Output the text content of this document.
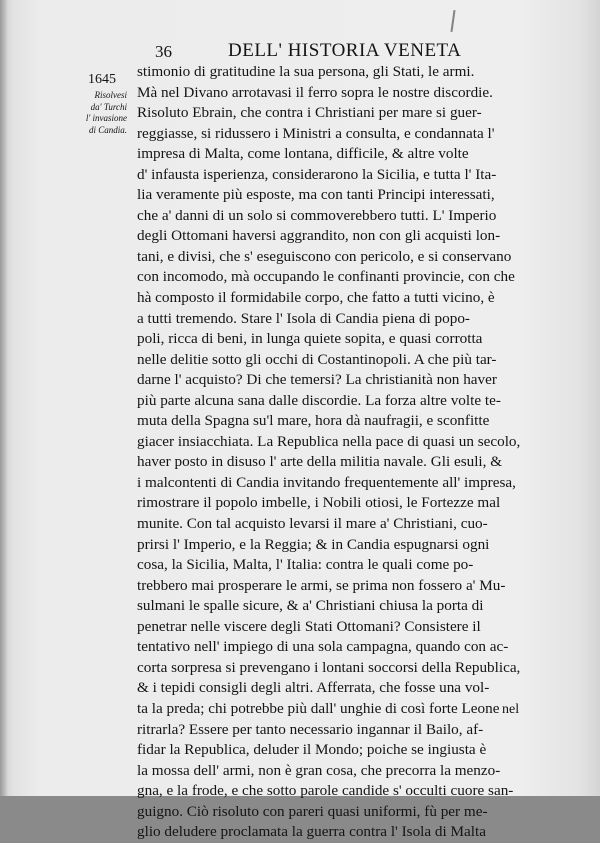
36	DELL' HISTORIA VENETA
1645
Risolvesi
da' Turchi
l' invasione
di Candia.
stimonio di gratitudine la sua persona, gli Stati, le armi.
Mà nel Divano arrotavasi il ferro sopra le nostre discordie.
Risoluto Ebrain, che contra i Christiani per mare si guer-
reggiasse, si ridussero i Ministri a consulta, e condannata l'
impresa di Malta, come lontana, difficile, & altre volte
d' infausta isperienza, considerarono la Sicilia, e tutta l' Ita-
lia veramente più esposte, ma con tanti Principi interessati,
che a' danni di un solo si commoverebbero tutti. L' Imperio
degli Ottomani haversi aggrandito, non con gli acquisti lon-
tani, e divisi, che s' eseguiscono con pericolo, e si conservano
con incomodo, mà occupando le confinanti provincie, con che
hà composto il formidabile corpo, che fatto a tutti vicino, è
a tutti tremendo. Stare l' Isola di Candia piena di popo-
poli, ricca di beni, in lunga quiete sopita, e quasi corrotta
nelle delitie sotto gli occhi di Costantinopoli. A che più tar-
darne l' acquisto? Di che temersi? La christianità non haver
più parte alcuna sana dalle discordie. La forza altre volte te-
muta della Spagna su'l mare, hora dà naufragii, e sconfitte
giacer insiacchiata. La Republica nella pace di quasi un secolo,
haver posto in disuso l' arte della militia navale. Gli esuli, &
i malcontenti di Candia invitando frequentemente all' impresa,
rimostrare il popolo imbelle, i Nobili otiosi, le Fortezze mal
munite. Con tal acquisto levarsi il mare a' Christiani, cuo-
prirsi l' Imperio, e la Reggia; & in Candia espugnarsi ogni
cosa, la Sicilia, Malta, l' Italia: contra le quali come po-
trebbero mai prosperare le armi, se prima non fossero a' Mu-
sulmani le spalle sicure, & a' Christiani chiusa la porta di
penetrar nelle viscere degli Stati Ottomani? Consistere il
tentativo nell' impiego di una sola campagna, quando con ac-
corta sorpresa si prevengano i lontani soccorsi della Republica,
& i tepidi consigli degli altri. Afferrata, che fosse una vol-
ta la preda; chi potrebbe più dall' unghie di così forte Leone
ritrarla? Essere per tanto necessario ingannar il Bailo, af-
fidar la Republica, deluder il Mondo; poiche se ingiusta è
la mossa dell' armi, non è gran cosa, che precorra la menzo-
gna, e la frode, e che sotto parole candide s' occulti cuore san-
guigno. Ciò risoluto con pareri quasi uniformi, fù per me-
glio deludere proclamata la guerra contra l' Isola di Malta
nel
